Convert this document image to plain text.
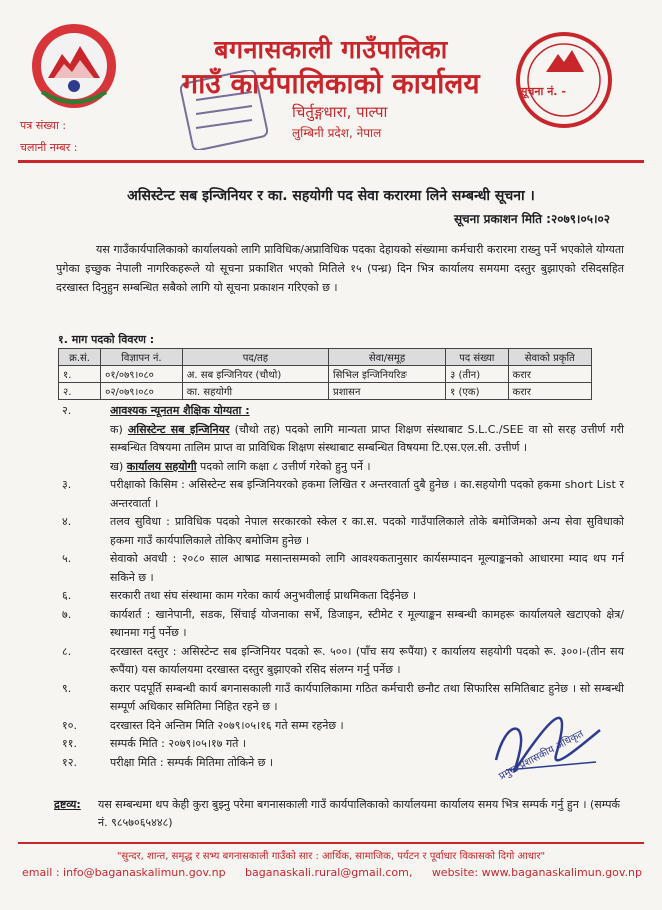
बगनासकाली गाउँपालिका
गाउँ कार्यपालिकाको कार्यालय
चिर्तुङ्गधारा, पाल्पा
लुम्बिनी प्रदेश, नेपाल
पत्र संख्या :
चलानी नम्बर :
सूचना नं. -
असिस्टेन्ट सब इन्जिनियर र का. सहयोगी पद सेवा करारमा लिने सम्बन्धी सूचना ।
सूचना प्रकाशन मिति :२०७९।०५।०२
यस गाउँकार्यपालिकाको कार्यालयको लागि प्राविधिक/अप्राविधिक पदका देहायको संख्यामा कर्मचारी करारमा राख्नु पर्ने भएकोले योग्यता पुगेका इच्छुक नेपाली नागरिकहरूले यो सूचना प्रकाशित भएको मितिले १५ (पन्ध्र) दिन भित्र कार्यालय समयमा दस्तुर बुझाएको रसिदसहित दरखास्त दिनुहुन सम्बन्धित सबैको लागि यो सूचना प्रकाशन गरिएको छ ।
१. माग पदको विवरण :
क्र.सं.	विज्ञापन नं.	पद/तह	सेवा/समूह	पद संख्या	सेवाको प्रकृति
१.	०१/०७९।०८०	अ. सब इन्जिनियर (चौथो)	सिभिल इन्जिनियरिङ	३ (तीन)	करार
२.	०२/०७९।०८०	का. सहयोगी	प्रशासन	१ (एक)	करार
२.	आवश्यक न्यूनतम शैक्षिक योग्यता :
क) असिस्टेन्ट सब इन्जिनियर (चौथो तह) पदको लागि मान्यता प्राप्त शिक्षण संस्थाबाट S.L.C./SEE वा सो सरह उत्तीर्ण गरी सम्बन्धित विषयमा तालिम प्राप्त वा प्राविधिक शिक्षण संस्थाबाट सम्बन्धित विषयमा टि.एस.एल.सी. उत्तीर्ण ।
ख) कार्यालय सहयोगी पदको लागि कक्षा ८ उत्तीर्ण गरेको हुनु पर्ने ।
३.	परीक्षाको किसिम : असिस्टेन्ट सब इन्जिनियरको हकमा लिखित र अन्तरवार्ता दुबै हुनेछ । का.सहयोगी पदको हकमा short List र अन्तरवार्ता ।
४.	तलव सुविधा : प्राविधिक पदको नेपाल सरकारको स्केल र का.स. पदको गाउँपालिकाले तोके बमोजिमको अन्य सेवा सुविधाको हकमा गाउँ कार्यपालिकाले तोकिए बमोजिम हुनेछ ।
५.	सेवाको अवधी : २०८० साल आषाढ मसान्तसम्मको लागि आवश्यकतानुसार कार्यसम्पादन मूल्याङ्कनको आधारमा म्याद थप गर्न सकिने छ ।
६.	सरकारी तथा संघ संस्थामा काम गरेका कार्य अनुभवीलाई प्राथमिकता दिईनेछ ।
७.	कार्यशर्त : खानेपानी, सडक, सिंचाई योजनाका सर्भे, डिजाइन, स्टीमेट र मूल्याङ्कन सम्बन्धी कामहरू कार्यालयले खटाएको क्षेत्र/स्थानमा गर्नु पर्नेछ ।
८.	दरखास्त दस्तुर : असिस्टेन्ट सब इन्जिनियर पदको रू. ५००। (पाँच सय रूपैंया) र कार्यालय सहयोगी पदको रू. ३००।-(तीन सय रूपैंया) यस कार्यालयमा दरखास्त दस्तुर बुझाएको रसिद संलग्न गर्नु पर्नेछ ।
९.	करार पदपूर्ति सम्बन्धी कार्य बगनासकाली गाउँ कार्यपालिकामा गठित कर्मचारी छनौट तथा सिफारिस समितिबाट हुनेछ । सो सम्बन्धी सम्पूर्ण अधिकार समितिमा निहित रहने छ ।
१०.	दरखास्त दिने अन्तिम मिति २०७९।०५।१६ गते सम्म रहनेछ ।
११.	सम्पर्क मिति : २०७९।०५।१७ गते ।
१२.	परीक्षा मिति : सम्पर्क मितिमा तोकिने छ ।	प्रमुख प्रशासकीय अधिकृत
द्रष्टव्य:	यस सम्बन्धमा थप केही कुरा बुझ्नु परेमा बगनासकाली गाउँ कार्यपालिकाको कार्यालयमा कार्यालय समय भित्र सम्पर्क गर्नु हुन । (सम्पर्क नं. ९८५७०६५४४८)
"सुन्दर, शान्त, समृद्ध र सभ्य बगनासकाली गाउँको सार : आर्थिक, सामाजिक, पर्यटन र पूर्वाधार विकासको दिगो आधार"
email : info@baganaskalimun.gov.np baganaskali.rural@gmail.com, website: www.baganaskalimun.gov.np
